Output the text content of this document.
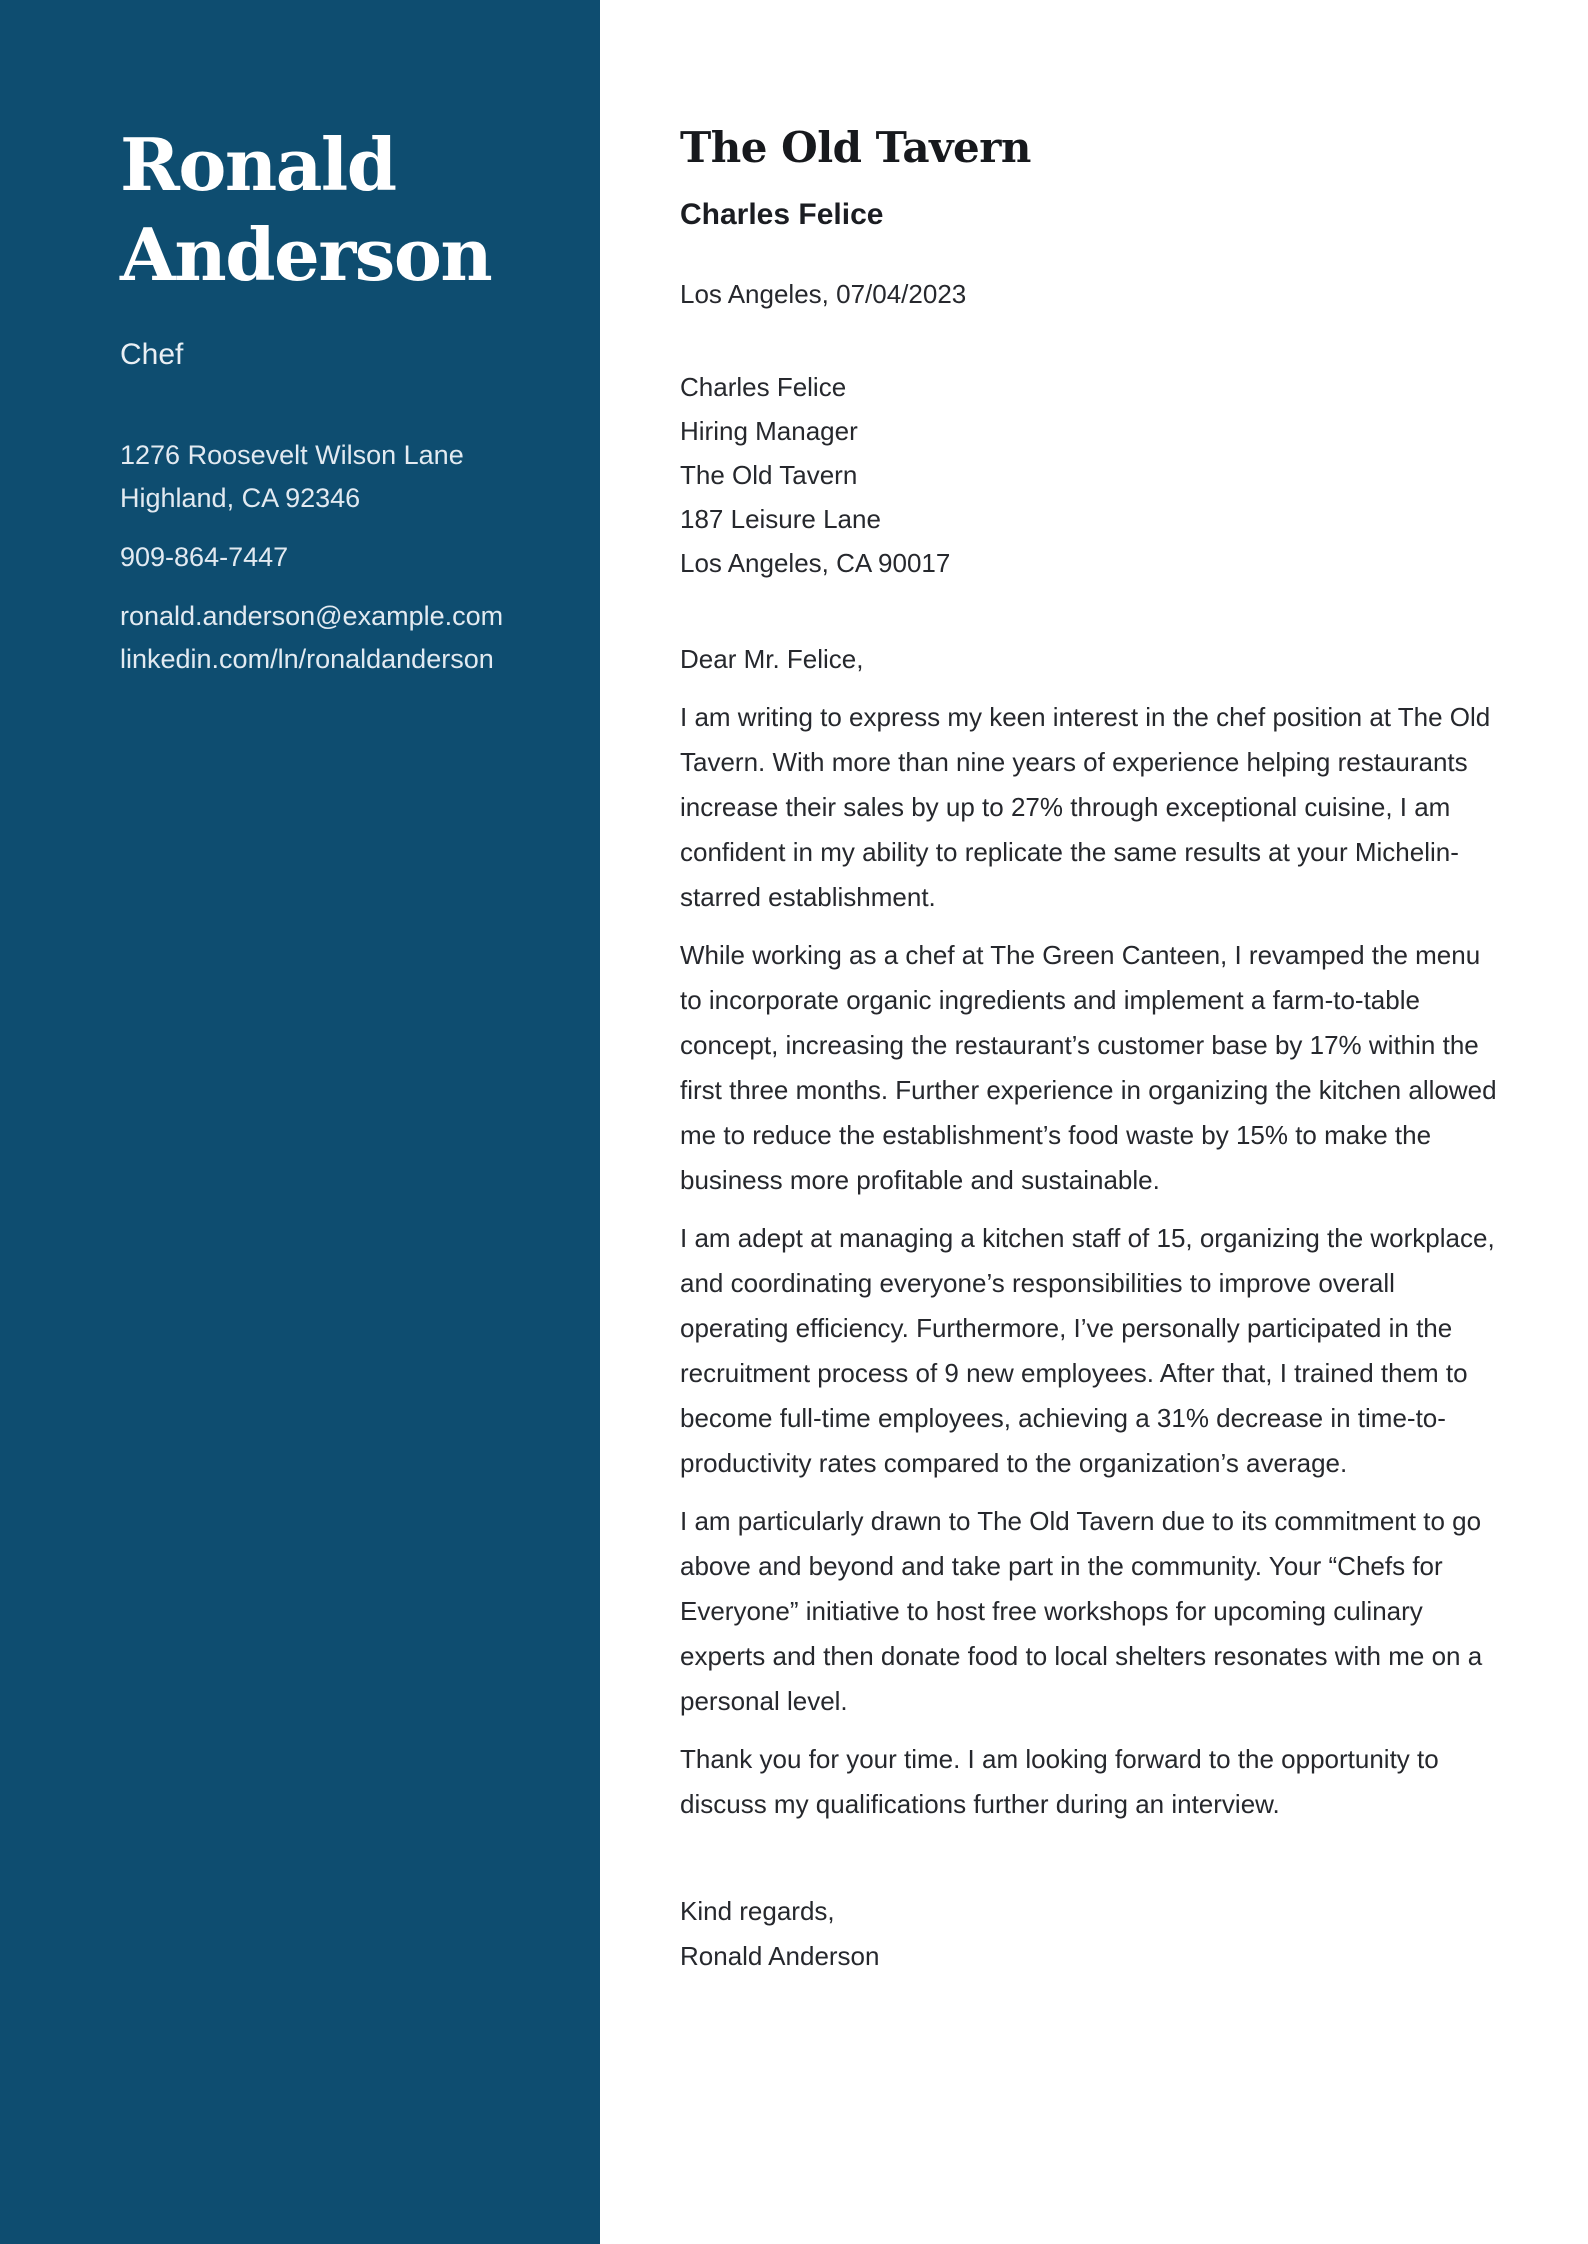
Ronald
Anderson
Chef
1276 Roosevelt Wilson Lane
Highland, CA 92346
909-864-7447
ronald.anderson@example.com
linkedin.com/ln/ronaldanderson
The Old Tavern
Charles Felice
Los Angeles, 07/04/2023
Charles Felice
Hiring Manager
The Old Tavern
187 Leisure Lane
Los Angeles, CA 90017
Dear Mr. Felice,

I am writing to express my keen interest in the chef position at The Old Tavern. With more than nine years of experience helping restaurants increase their sales by up to 27% through exceptional cuisine, I am confident in my ability to replicate the same results at your Michelin-starred establishment.

While working as a chef at The Green Canteen, I revamped the menu to incorporate organic ingredients and implement a farm-to-table concept, increasing the restaurant’s customer base by 17% within the first three months. Further experience in organizing the kitchen allowed me to reduce the establishment’s food waste by 15% to make the business more profitable and sustainable.

I am adept at managing a kitchen staff of 15, organizing the workplace, and coordinating everyone’s responsibilities to improve overall operating efficiency. Furthermore, I’ve personally participated in the recruitment process of 9 new employees. After that, I trained them to become full-time employees, achieving a 31% decrease in time-to-productivity rates compared to the organization’s average.

I am particularly drawn to The Old Tavern due to its commitment to go above and beyond and take part in the community. Your “Chefs for Everyone” initiative to host free workshops for upcoming culinary experts and then donate food to local shelters resonates with me on a personal level.

Thank you for your time. I am looking forward to the opportunity to discuss my qualifications further during an interview.

Kind regards,
Ronald Anderson
